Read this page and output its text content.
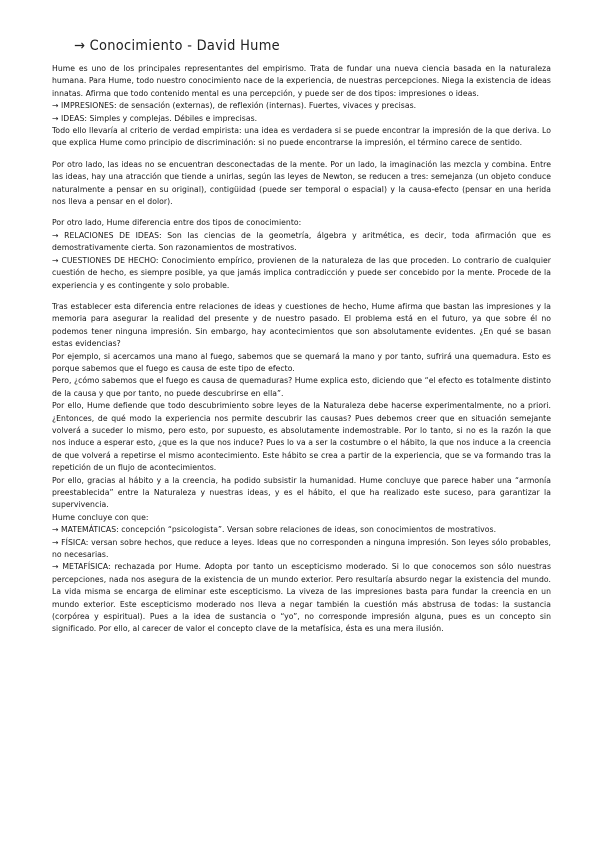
→ Conocimiento - David Hume

Hume es uno de los principales representantes del empirismo. Trata de fundar una nueva ciencia basada en la naturaleza humana. Para Hume, todo nuestro conocimiento nace de la experiencia, de nuestras percepciones. Niega la existencia de ideas innatas. Afirma que todo contenido mental es una percepción, y puede ser de dos tipos: impresiones o ideas.

→ IMPRESIONES: de sensación (externas), de reflexión (internas). Fuertes, vivaces y precisas.

→ IDEAS: Simples y complejas. Débiles e imprecisas.

Todo ello llevaría al criterio de verdad empirista: una idea es verdadera si se puede encontrar la impresión de la que deriva. Lo que explica Hume como principio de discriminación: si no puede encontrarse la impresión, el término carece de sentido.

Por otro lado, las ideas no se encuentran desconectadas de la mente. Por un lado, la imaginación las mezcla y combina. Entre las ideas, hay una atracción que tiende a unirlas, según las leyes de Newton, se reducen a tres: semejanza (un objeto conduce naturalmente a pensar en su original), contigüidad (puede ser temporal o espacial) y la causa-efecto (pensar en una herida nos lleva a pensar en el dolor).

Por otro lado, Hume diferencia entre dos tipos de conocimiento:

→ RELACIONES DE IDEAS: Son las ciencias de la geometría, álgebra y aritmética, es decir, toda afirmación que es demostrativamente cierta. Son razonamientos de mostrativos.

→ CUESTIONES DE HECHO: Conocimiento empírico, provienen de la naturaleza de las que proceden. Lo contrario de cualquier cuestión de hecho, es siempre posible, ya que jamás implica contradicción y puede ser concebido por la mente. Procede de la experiencia y es contingente y solo probable.

Tras establecer esta diferencia entre relaciones de ideas y cuestiones de hecho, Hume afirma que bastan las impresiones y la memoria para asegurar la realidad del presente y de nuestro pasado. El problema está en el futuro, ya que sobre él no podemos tener ninguna impresión. Sin embargo, hay acontecimientos que son absolutamente evidentes. ¿En qué se basan estas evidencias?

Por ejemplo, si acercamos una mano al fuego, sabemos que se quemará la mano y por tanto, sufrirá una quemadura. Esto es porque sabemos que el fuego es causa de este tipo de efecto.

Pero, ¿cómo sabemos que el fuego es causa de quemaduras? Hume explica esto, diciendo que “el efecto es totalmente distinto de la causa y que por tanto, no puede descubrirse en ella”.

Por ello, Hume defiende que todo descubrimiento sobre leyes de la Naturaleza debe hacerse experimentalmente, no a priori. ¿Entonces, de qué modo la experiencia nos permite descubrir las causas? Pues debemos creer que en situación semejante volverá a suceder lo mismo, pero esto, por supuesto, es absolutamente indemostrable. Por lo tanto, si no es la razón la que nos induce a esperar esto, ¿que es la que nos induce? Pues lo va a ser la costumbre o el hábito, la que nos induce a la creencia de que volverá a repetirse el mismo acontecimiento. Este hábito se crea a partir de la experiencia, que se va formando tras la repetición de un flujo de acontecimientos.

Por ello, gracias al hábito y a la creencia, ha podido subsistir la humanidad. Hume concluye que parece haber una “armonía preestablecida” entre la Naturaleza y nuestras ideas, y es el hábito, el que ha realizado este suceso, para garantizar la supervivencia.

Hume concluye con que:

→ MATEMÁTICAS: concepción “psicologista”. Versan sobre relaciones de ideas, son conocimientos de mostrativos.

→ FÍSICA: versan sobre hechos, que reduce a leyes. Ideas que no corresponden a ninguna impresión. Son leyes sólo probables, no necesarias.

→ METAFÍSICA: rechazada por Hume. Adopta por tanto un escepticismo moderado. Si lo que conocemos son sólo nuestras percepciones, nada nos asegura de la existencia de un mundo exterior. Pero resultaría absurdo negar la existencia del mundo. La vida misma se encarga de eliminar este escepticismo. La viveza de las impresiones basta para fundar la creencia en un mundo exterior. Este escepticismo moderado nos lleva a negar también la cuestión más abstrusa de todas: la sustancia (corpórea y espiritual). Pues a la idea de sustancia o “yo”, no corresponde impresión alguna, pues es un concepto sin significado. Por ello, al carecer de valor el concepto clave de la metafísica, ésta es una mera ilusión.
